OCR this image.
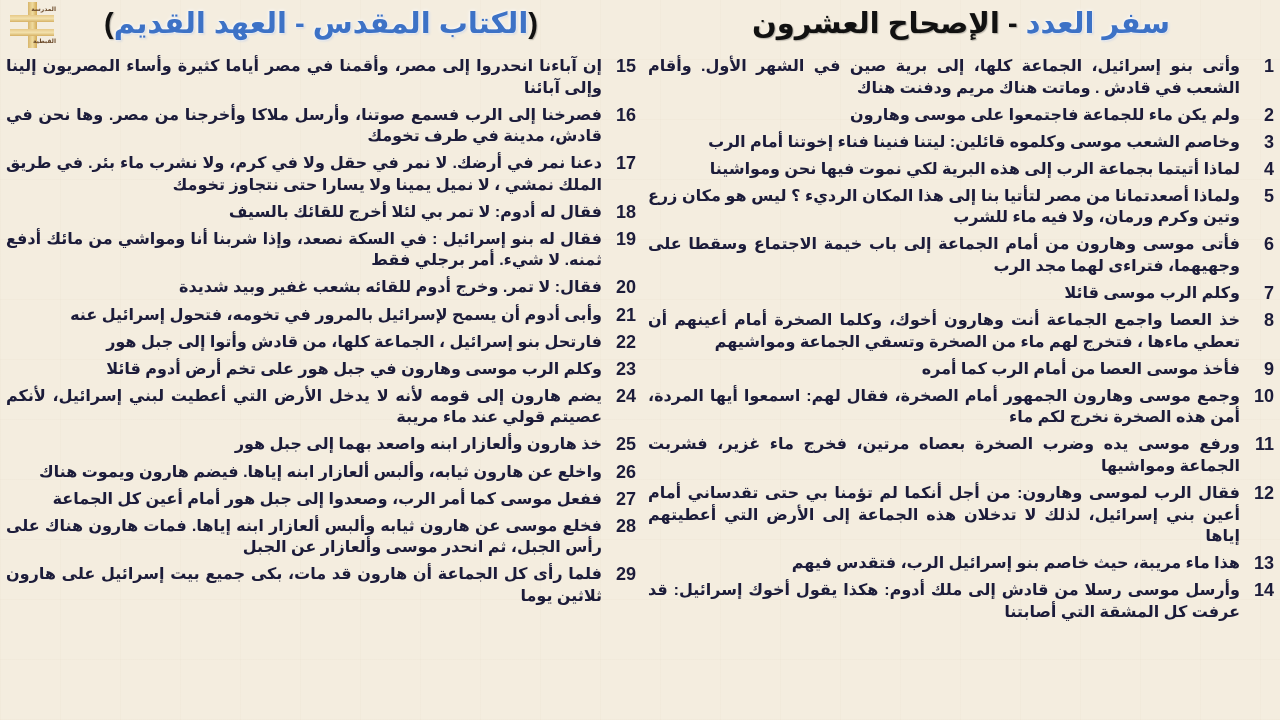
المدرسة
القبطية
سفر العدد - الإصحاح العشرون
1
وأتى بنو إسرائيل، الجماعة كلها، إلى برية صين في الشهر الأول. وأقام الشعب في قادش . وماتت هناك مريم ودفنت هناك
2
ولم يكن ماء للجماعة فاجتمعوا على موسى وهارون
3
وخاصم الشعب موسى وكلموه قائلين: ليتنا فنينا فناء إخوتنا أمام الرب
4
لماذا أتيتما بجماعة الرب إلى هذه البرية لكي نموت فيها نحن ومواشينا
5
ولماذا أصعدتمانا من مصر لتأتيا بنا إلى هذا المكان الرديء ؟ ليس هو مكان زرع وتين وكرم ورمان، ولا فيه ماء للشرب
6
فأتى موسى وهارون من أمام الجماعة إلى باب خيمة الاجتماع وسقطا على وجهيهما، فتراءى لهما مجد الرب
7
وكلم الرب موسى قائلا
8
خذ العصا واجمع الجماعة أنت وهارون أخوك، وكلما الصخرة أمام أعينهم أن تعطي ماءها ، فتخرج لهم ماء من الصخرة وتسقي الجماعة ومواشيهم
9
فأخذ موسى العصا من أمام الرب كما أمره
10
وجمع موسى وهارون الجمهور أمام الصخرة، فقال لهم: اسمعوا أيها المردة، أمن هذه الصخرة نخرج لكم ماء
11
ورفع موسى يده وضرب الصخرة بعصاه مرتين، فخرج ماء غزير، فشربت الجماعة ومواشيها
12
فقال الرب لموسى وهارون: من أجل أنكما لم تؤمنا بي حتى تقدساني أمام أعين بني إسرائيل، لذلك لا تدخلان هذه الجماعة إلى الأرض التي أعطيتهم إياها
13
هذا ماء مريبة، حيث خاصم بنو إسرائيل الرب، فتقدس فيهم
14
وأرسل موسى رسلا من قادش إلى ملك أدوم: هكذا يقول أخوك إسرائيل: قد عرفت كل المشقة التي أصابتنا
(الكتاب المقدس - العهد القديم)
15
إن آباءنا انحدروا إلى مصر، وأقمنا في مصر أياما كثيرة وأساء المصريون إلينا وإلى آبائنا
16
فصرخنا إلى الرب فسمع صوتنا، وأرسل ملاكا وأخرجنا من مصر. وها نحن في قادش، مدينة في طرف تخومك
17
دعنا نمر في أرضك. لا نمر في حقل ولا في كرم، ولا نشرب ماء بئر. في طريق الملك نمشي ، لا نميل يمينا ولا يسارا حتى نتجاوز تخومك
18
فقال له أدوم: لا تمر بي لئلا أخرج للقائك بالسيف
19
فقال له بنو إسرائيل : في السكة نصعد، وإذا شربنا أنا ومواشي من مائك أدفع ثمنه. لا شيء. أمر برجلي فقط
20
فقال: لا تمر. وخرج أدوم للقائه بشعب غفير وبيد شديدة
21
وأبى أدوم أن يسمح لإسرائيل بالمرور في تخومه، فتحول إسرائيل عنه
22
فارتحل بنو إسرائيل ، الجماعة كلها، من قادش وأتوا إلى جبل هور
23
وكلم الرب موسى وهارون في جبل هور على تخم أرض أدوم قائلا
24
يضم هارون إلى قومه لأنه لا يدخل الأرض التي أعطيت لبني إسرائيل، لأنكم عصيتم قولي عند ماء مريبة
25
خذ هارون وألعازار ابنه واصعد بهما إلى جبل هور
26
واخلع عن هارون ثيابه، وألبس ألعازار ابنه إياها. فيضم هارون ويموت هناك
27
ففعل موسى كما أمر الرب، وصعدوا إلى جبل هور أمام أعين كل الجماعة
28
فخلع موسى عن هارون ثيابه وألبس ألعازار ابنه إياها. فمات هارون هناك على رأس الجبل، ثم انحدر موسى وألعازار عن الجبل
29
فلما رأى كل الجماعة أن هارون قد مات، بكى جميع بيت إسرائيل على هارون ثلاثين يوما
